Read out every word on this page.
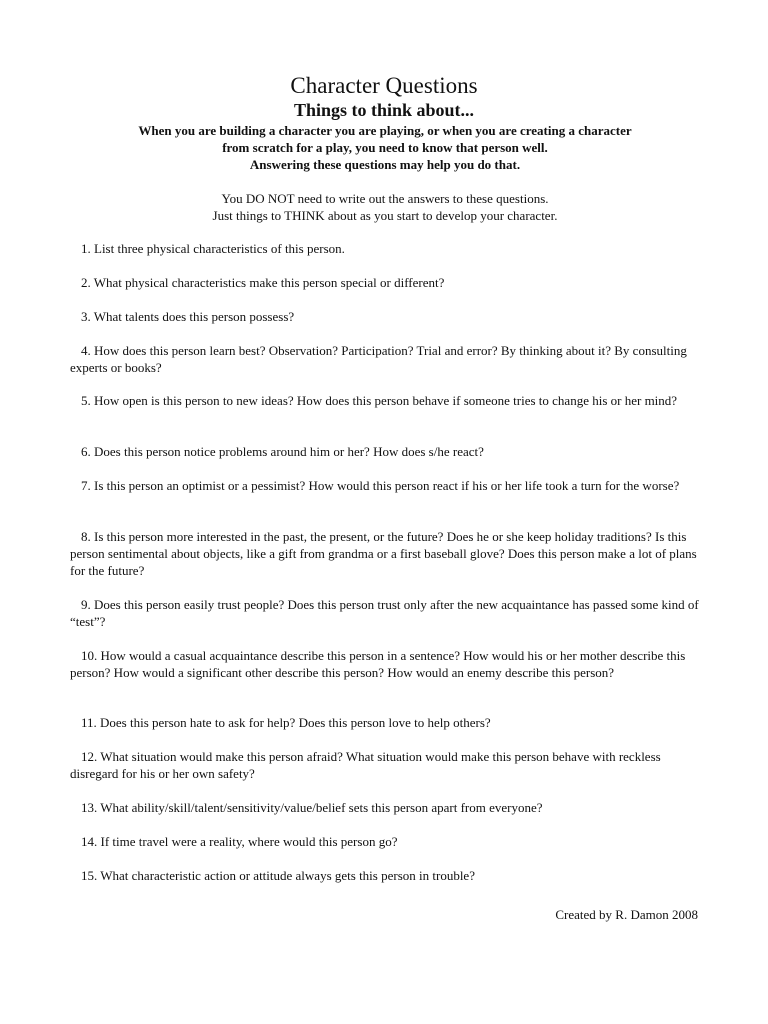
Character Questions
Things to think about...

When you are building a character you are playing, or when you are creating a character
from scratch for a play, you need to know that person well.
Answering these questions may help you do that.

You DO NOT need to write out the answers to these questions.
Just things to THINK about as you start to develop your character.

1. List three physical characteristics of this person.

2. What physical characteristics make this person special or different?

3. What talents does this person possess?

4. How does this person learn best? Observation? Participation? Trial and error? By thinking about it? By consulting experts or books?

5. How open is this person to new ideas? How does this person behave if someone tries to change his or her mind?

6. Does this person notice problems around him or her? How does s/he react?

7. Is this person an optimist or a pessimist? How would this person react if his or her life took a turn for the worse?

8. Is this person more interested in the past, the present, or the future? Does he or she keep holiday traditions? Is this person sentimental about objects, like a gift from grandma or a first baseball glove? Does this person make a lot of plans for the future?

9. Does this person easily trust people? Does this person trust only after the new acquaintance has passed some kind of “test”?

10. How would a casual acquaintance describe this person in a sentence? How would his or her mother describe this person? How would a significant other describe this person? How would an enemy describe this person?

11. Does this person hate to ask for help? Does this person love to help others?

12. What situation would make this person afraid? What situation would make this person behave with reckless disregard for his or her own safety?

13. What ability/skill/talent/sensitivity/value/belief sets this person apart from everyone?

14. If time travel were a reality, where would this person go?

15. What characteristic action or attitude always gets this person in trouble?

Created by R. Damon 2008
